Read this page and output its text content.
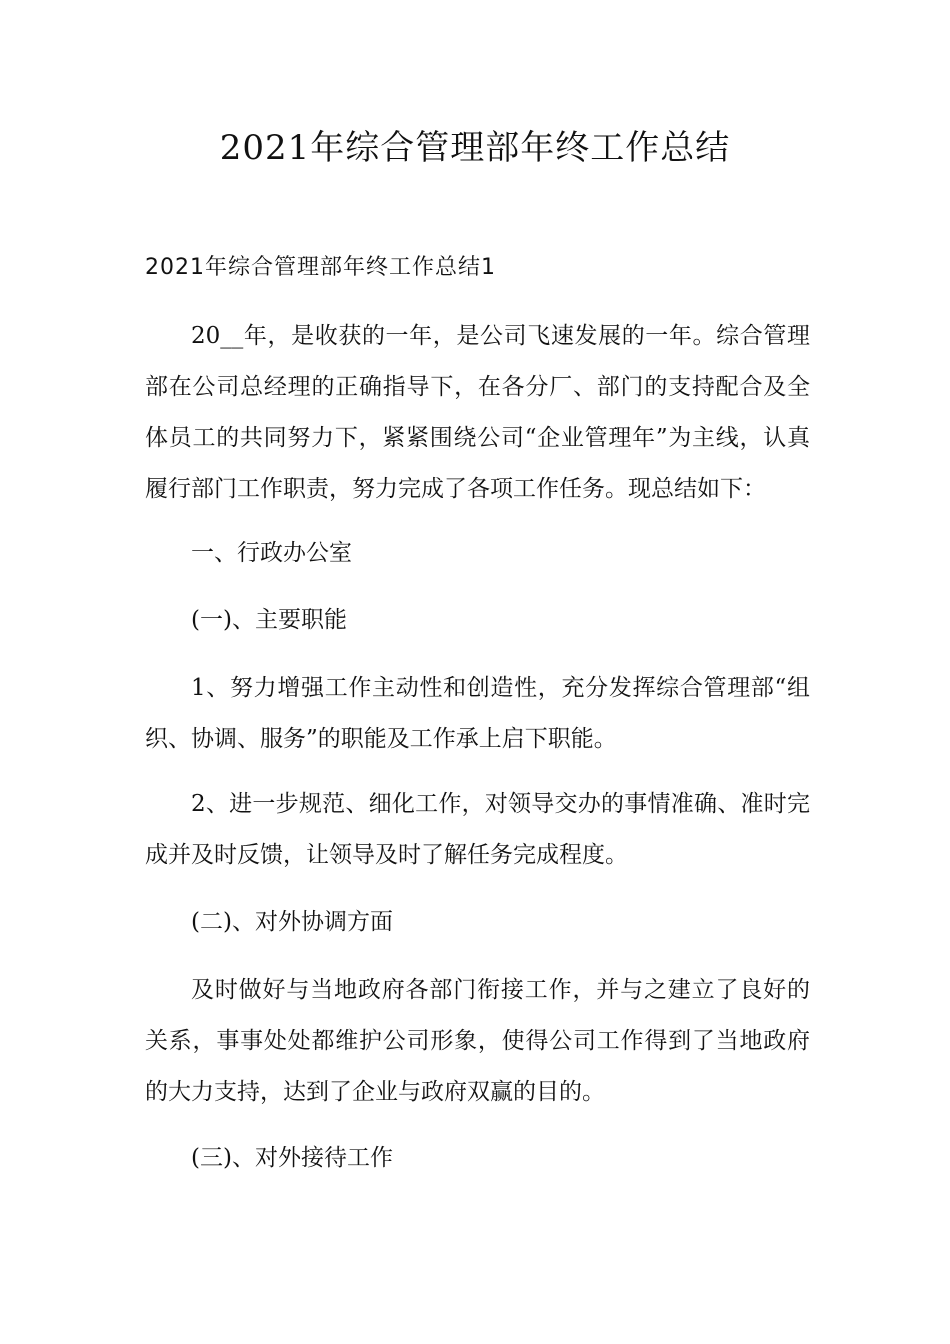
2021年综合管理部年终工作总结
2021年综合管理部年终工作总结1

20__年，是收获的一年，是公司飞速发展的一年。综合管理部在公司总经理的正确指导下，在各分厂、部门的支持配合及全体员工的共同努力下，紧紧围绕公司“企业管理年”为主线，认真履行部门工作职责，努力完成了各项工作任务。现总结如下：

一、行政办公室

(一)、主要职能

1、努力增强工作主动性和创造性，充分发挥综合管理部“组织、协调、服务”的职能及工作承上启下职能。

2、进一步规范、细化工作，对领导交办的事情准确、准时完成并及时反馈，让领导及时了解任务完成程度。

(二)、对外协调方面

及时做好与当地政府各部门衔接工作，并与之建立了良好的关系，事事处处都维护公司形象，使得公司工作得到了当地政府的大力支持，达到了企业与政府双赢的目的。

(三)、对外接待工作
